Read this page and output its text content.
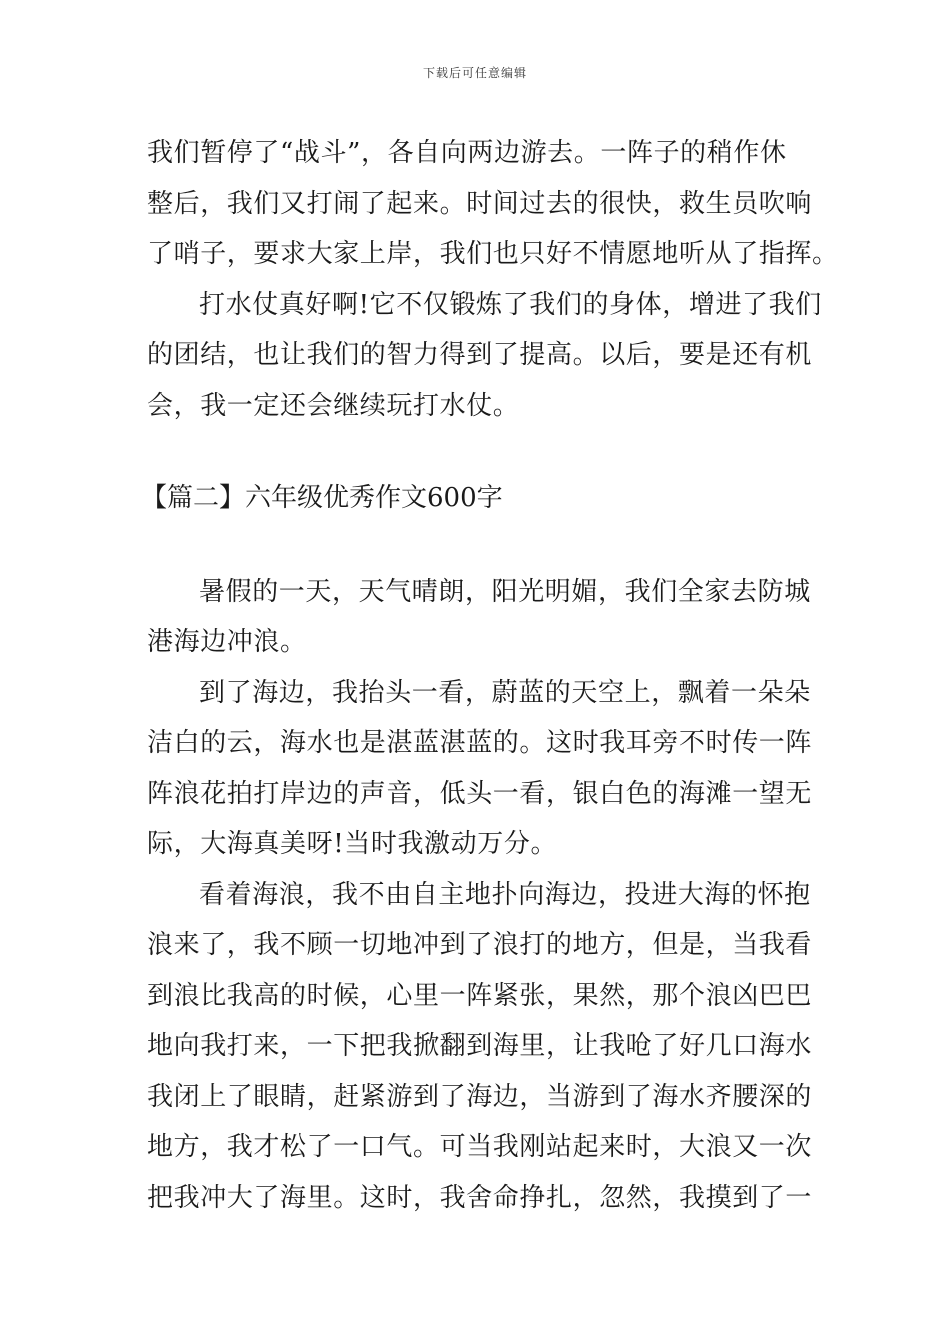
下载后可任意编辑
我们暂停了“战斗”，各自向两边游去。一阵子的稍作休
整后，我们又打闹了起来。时间过去的很快，救生员吹响
了哨子，要求大家上岸，我们也只好不情愿地听从了指挥。
打水仗真好啊!它不仅锻炼了我们的身体，增进了我们
的团结，也让我们的智力得到了提高。以后，要是还有机
会，我一定还会继续玩打水仗。
【篇二】六年级优秀作文600字
暑假的一天，天气晴朗，阳光明媚，我们全家去防城
港海边冲浪。
到了海边，我抬头一看，蔚蓝的天空上，飘着一朵朵
洁白的云，海水也是湛蓝湛蓝的。这时我耳旁不时传一阵
阵浪花拍打岸边的声音，低头一看，银白色的海滩一望无
际，大海真美呀!当时我激动万分。
看着海浪，我不由自主地扑向海边，投进大海的怀抱
浪来了，我不顾一切地冲到了浪打的地方，但是，当我看
到浪比我高的时候，心里一阵紧张，果然，那个浪凶巴巴
地向我打来，一下把我掀翻到海里，让我呛了好几口海水
我闭上了眼睛，赶紧游到了海边，当游到了海水齐腰深的
地方，我才松了一口气。可当我刚站起来时，大浪又一次
把我冲大了海里。这时，我舍命挣扎，忽然，我摸到了一
